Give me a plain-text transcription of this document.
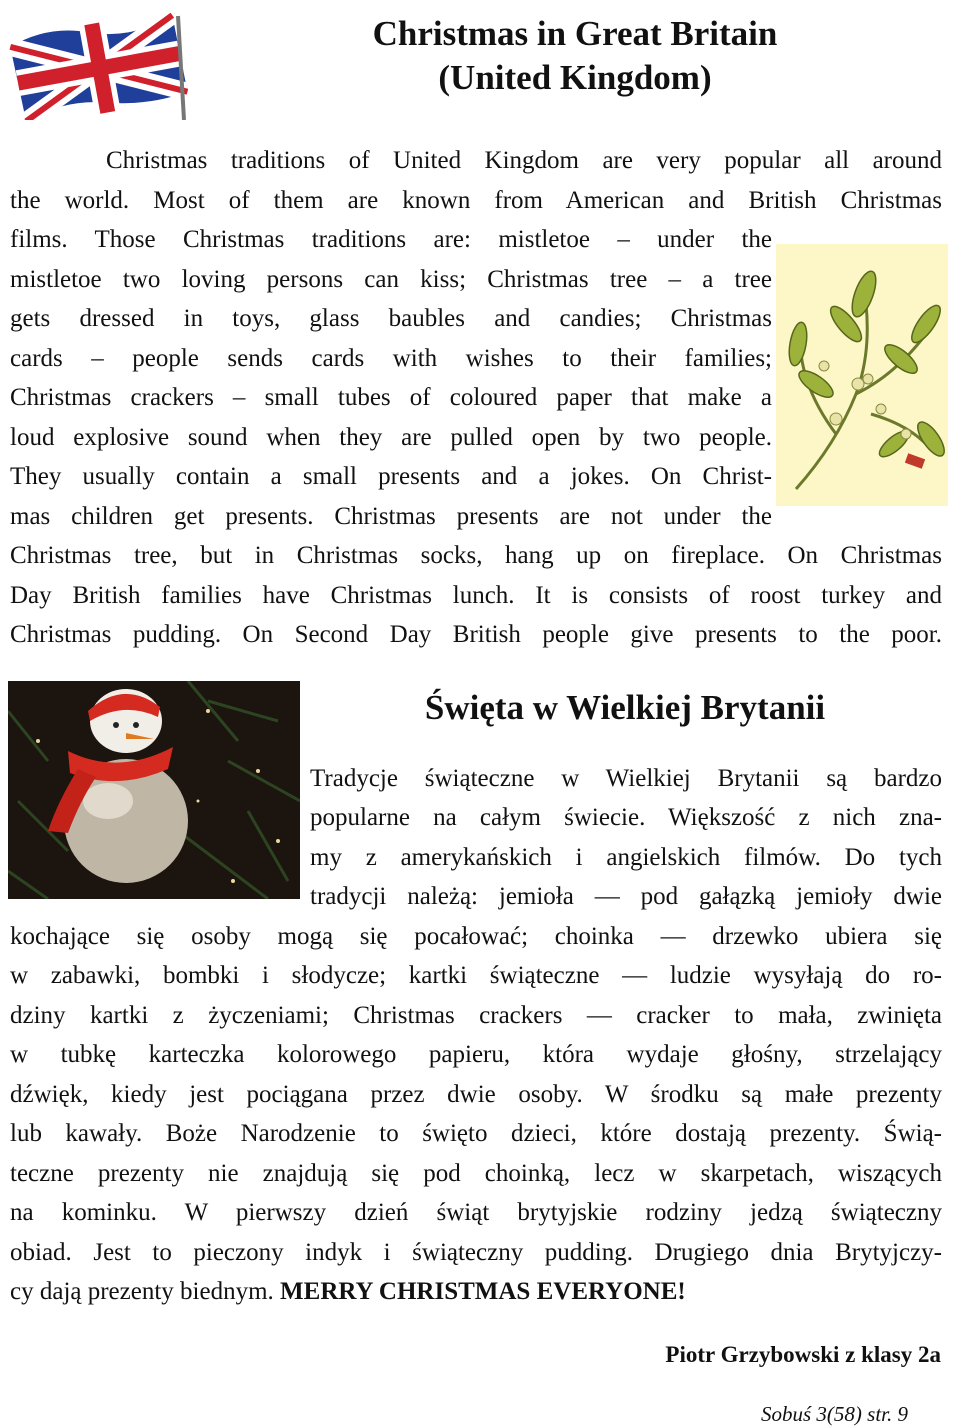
Christmas in Great Britain
(United Kingdom)
Christmas traditions of United Kingdom are very popular all around
the world. Most of them are known from American and British Christmas
films. Those Christmas traditions are: mistletoe – under the
mistletoe two loving persons can kiss; Christmas tree – a tree
gets dressed in toys, glass baubles and candies; Christmas
cards – people sends cards with wishes to their families;
Christmas crackers – small tubes of coloured paper that make a
loud explosive sound when they are pulled open by two people.
They usually contain a small presents and a jokes. On Christ-
mas children get presents. Christmas presents are not under the
Christmas tree, but in Christmas socks, hang up on fireplace. On Christmas
Day British families have Christmas lunch. It is consists of roost turkey and
Christmas pudding. On Second Day British people give presents to the poor.
Święta w Wielkiej Brytanii
Tradycje świąteczne w Wielkiej Brytanii są bardzo
popularne na całym świecie. Większość z nich zna-
my z amerykańskich i angielskich filmów. Do tych
tradycji należą: jemioła — pod gałązką jemioły dwie
kochające się osoby mogą się pocałować; choinka — drzewko ubiera się
w zabawki, bombki i słodycze; kartki świąteczne — ludzie wysyłają do ro-
dziny kartki z życzeniami; Christmas crackers — cracker to mała, zwinięta
w tubkę karteczka kolorowego papieru, która wydaje głośny, strzelający
dźwięk, kiedy jest pociągana przez dwie osoby. W środku są małe prezenty
lub kawały. Boże Narodzenie to święto dzieci, które dostają prezenty. Świą-
teczne prezenty nie znajdują się pod choinką, lecz w skarpetach, wiszących
na kominku. W pierwszy dzień świąt brytyjskie rodziny jedzą świąteczny
obiad. Jest to pieczony indyk i świąteczny pudding. Drugiego dnia Brytyjczy-
cy dają prezenty biednym. MERRY CHRISTMAS EVERYONE!
Piotr Grzybowski z klasy 2a
Sobuś 3(58) str. 9
